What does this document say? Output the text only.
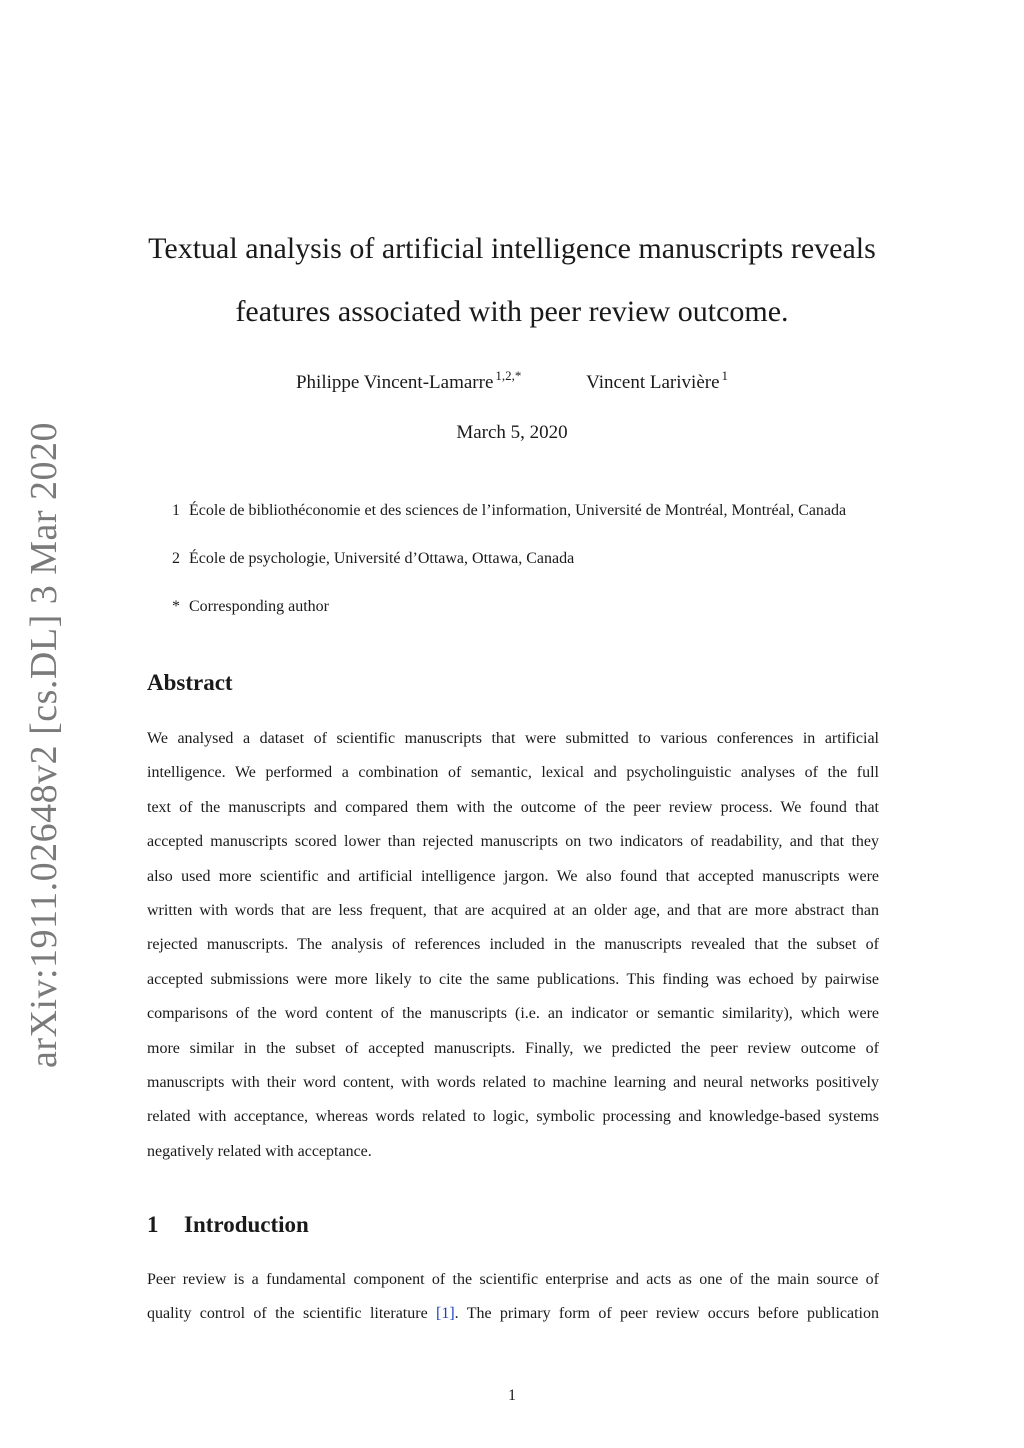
arXiv:1911.02648v2 [cs.DL] 3 Mar 2020
Textual analysis of artificial intelligence manuscripts reveals
features associated with peer review outcome.
Philippe Vincent-Lamarre $^{1,2,*}$	Vincent Larivière $^1$
March 5, 2020
1 École de bibliothéconomie et des sciences de l’information, Université de Montréal, Montréal, Canada
2 École de psychologie, Université d’Ottawa, Ottawa, Canada
* Corresponding author
Abstract
We analysed a dataset of scientific manuscripts that were submitted to various conferences in artificial
intelligence. We performed a combination of semantic, lexical and psycholinguistic analyses of the full
text of the manuscripts and compared them with the outcome of the peer review process. We found that
accepted manuscripts scored lower than rejected manuscripts on two indicators of readability, and that they
also used more scientific and artificial intelligence jargon. We also found that accepted manuscripts were
written with words that are less frequent, that are acquired at an older age, and that are more abstract than
rejected manuscripts. The analysis of references included in the manuscripts revealed that the subset of
accepted submissions were more likely to cite the same publications. This finding was echoed by pairwise
comparisons of the word content of the manuscripts (i.e. an indicator or semantic similarity), which were
more similar in the subset of accepted manuscripts. Finally, we predicted the peer review outcome of
manuscripts with their word content, with words related to machine learning and neural networks positively
related with acceptance, whereas words related to logic, symbolic processing and knowledge-based systems
negatively related with acceptance.
1 Introduction
Peer review is a fundamental component of the scientific enterprise and acts as one of the main source of
quality control of the scientific literature [1]. The primary form of peer review occurs before publication
1
